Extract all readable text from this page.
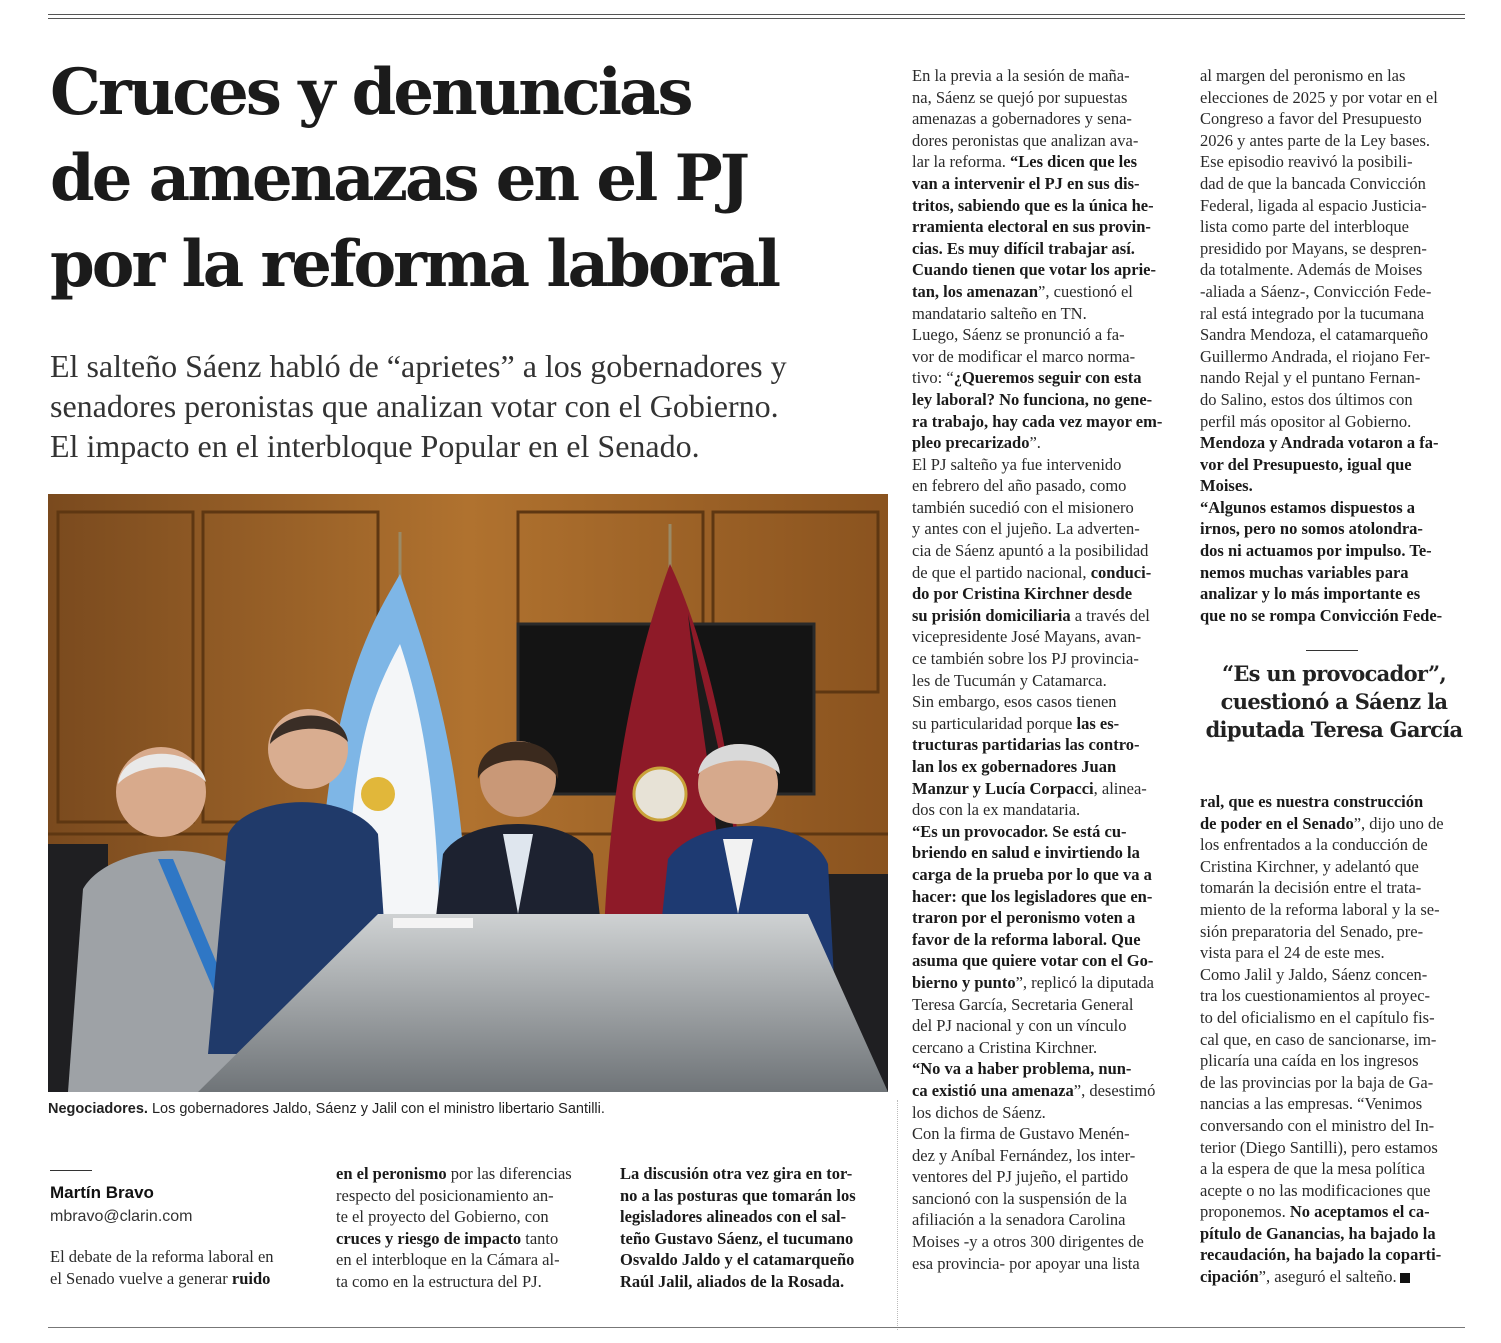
Cruces y denuncias
de amenazas en el PJ
por la reforma laboral

El salteño Sáenz habló de “aprietes” a los gobernadores y
senadores peronistas que analizan votar con el Gobierno.
El impacto en el interbloque Popular en el Senado.

Negociadores. Los gobernadores Jaldo, Sáenz y Jalil con el ministro libertario Santilli.

Martín Bravo

mbravo@clarin.com

El debate de la reforma laboral en
el Senado vuelve a generar ruido
en el peronismo por las diferencias
respecto del posicionamiento an-
te el proyecto del Gobierno, con
cruces y riesgo de impacto tanto
en el interbloque en la Cámara al-
ta como en la estructura del PJ.
La discusión otra vez gira en tor-
no a las posturas que tomarán los
legisladores alineados con el sal-
teño Gustavo Sáenz, el tucumano
Osvaldo Jaldo y el catamarqueño
Raúl Jalil, aliados de la Rosada.
En la previa a la sesión de maña-
na, Sáenz se quejó por supuestas
amenazas a gobernadores y sena-
dores peronistas que analizan ava-
lar la reforma. “Les dicen que les
van a intervenir el PJ en sus dis-
tritos, sabiendo que es la única he-
rramienta electoral en sus provin-
cias. Es muy difícil trabajar así.
Cuando tienen que votar los aprie-
tan, los amenazan”, cuestionó el
mandatario salteño en TN.
Luego, Sáenz se pronunció a fa-
vor de modificar el marco norma-
tivo: “¿Queremos seguir con esta
ley laboral? No funciona, no gene-
ra trabajo, hay cada vez mayor em-
pleo precarizado”.
El PJ salteño ya fue intervenido
en febrero del año pasado, como
también sucedió con el misionero
y antes con el jujeño. La adverten-
cia de Sáenz apuntó a la posibilidad
de que el partido nacional, conduci-
do por Cristina Kirchner desde
su prisión domiciliaria a través del
vicepresidente José Mayans, avan-
ce también sobre los PJ provincia-
les de Tucumán y Catamarca.
Sin embargo, esos casos tienen
su particularidad porque las es-
tructuras partidarias las contro-
lan los ex gobernadores Juan
Manzur y Lucía Corpacci, alinea-
dos con la ex mandataria.
“Es un provocador. Se está cu-
briendo en salud e invirtiendo la
carga de la prueba por lo que va a
hacer: que los legisladores que en-
traron por el peronismo voten a
favor de la reforma laboral. Que
asuma que quiere votar con el Go-
bierno y punto”, replicó la diputada
Teresa García, Secretaria General
del PJ nacional y con un vínculo
cercano a Cristina Kirchner.
“No va a haber problema, nun-
ca existió una amenaza”, desestimó
los dichos de Sáenz.
Con la firma de Gustavo Menén-
dez y Aníbal Fernández, los inter-
ventores del PJ jujeño, el partido
sancionó con la suspensión de la
afiliación a la senadora Carolina
Moises -y a otros 300 dirigentes de
esa provincia- por apoyar una lista
al margen del peronismo en las
elecciones de 2025 y por votar en el
Congreso a favor del Presupuesto
2026 y antes parte de la Ley bases.
Ese episodio reavivó la posibili-
dad de que la bancada Convicción
Federal, ligada al espacio Justicia-
lista como parte del interbloque
presidido por Mayans, se despren-
da totalmente. Además de Moises
-aliada a Sáenz-, Convicción Fede-
ral está integrado por la tucumana
Sandra Mendoza, el catamarqueño
Guillermo Andrada, el riojano Fer-
nando Rejal y el puntano Fernan-
do Salino, estos dos últimos con
perfil más opositor al Gobierno.
Mendoza y Andrada votaron a fa-
vor del Presupuesto, igual que
Moises.
“Algunos estamos dispuestos a
irnos, pero no somos atolondra-
dos ni actuamos por impulso. Te-
nemos muchas variables para
analizar y lo más importante es
que no se rompa Convicción Fede-

“Es un provocador”,
cuestionó a Sáenz la
diputada Teresa García

ral, que es nuestra construcción
de poder en el Senado”, dijo uno de
los enfrentados a la conducción de
Cristina Kirchner, y adelantó que
tomarán la decisión entre el trata-
miento de la reforma laboral y la se-
sión preparatoria del Senado, pre-
vista para el 24 de este mes.
Como Jalil y Jaldo, Sáenz concen-
tra los cuestionamientos al proyec-
to del oficialismo en el capítulo fis-
cal que, en caso de sancionarse, im-
plicaría una caída en los ingresos
de las provincias por la baja de Ga-
nancias a las empresas. “Venimos
conversando con el ministro del In-
terior (Diego Santilli), pero estamos
a la espera de que la mesa política
acepte o no las modificaciones que
proponemos. No aceptamos el ca-
pítulo de Ganancias, ha bajado la
recaudación, ha bajado la coparti-
cipación”, aseguró el salteño.
